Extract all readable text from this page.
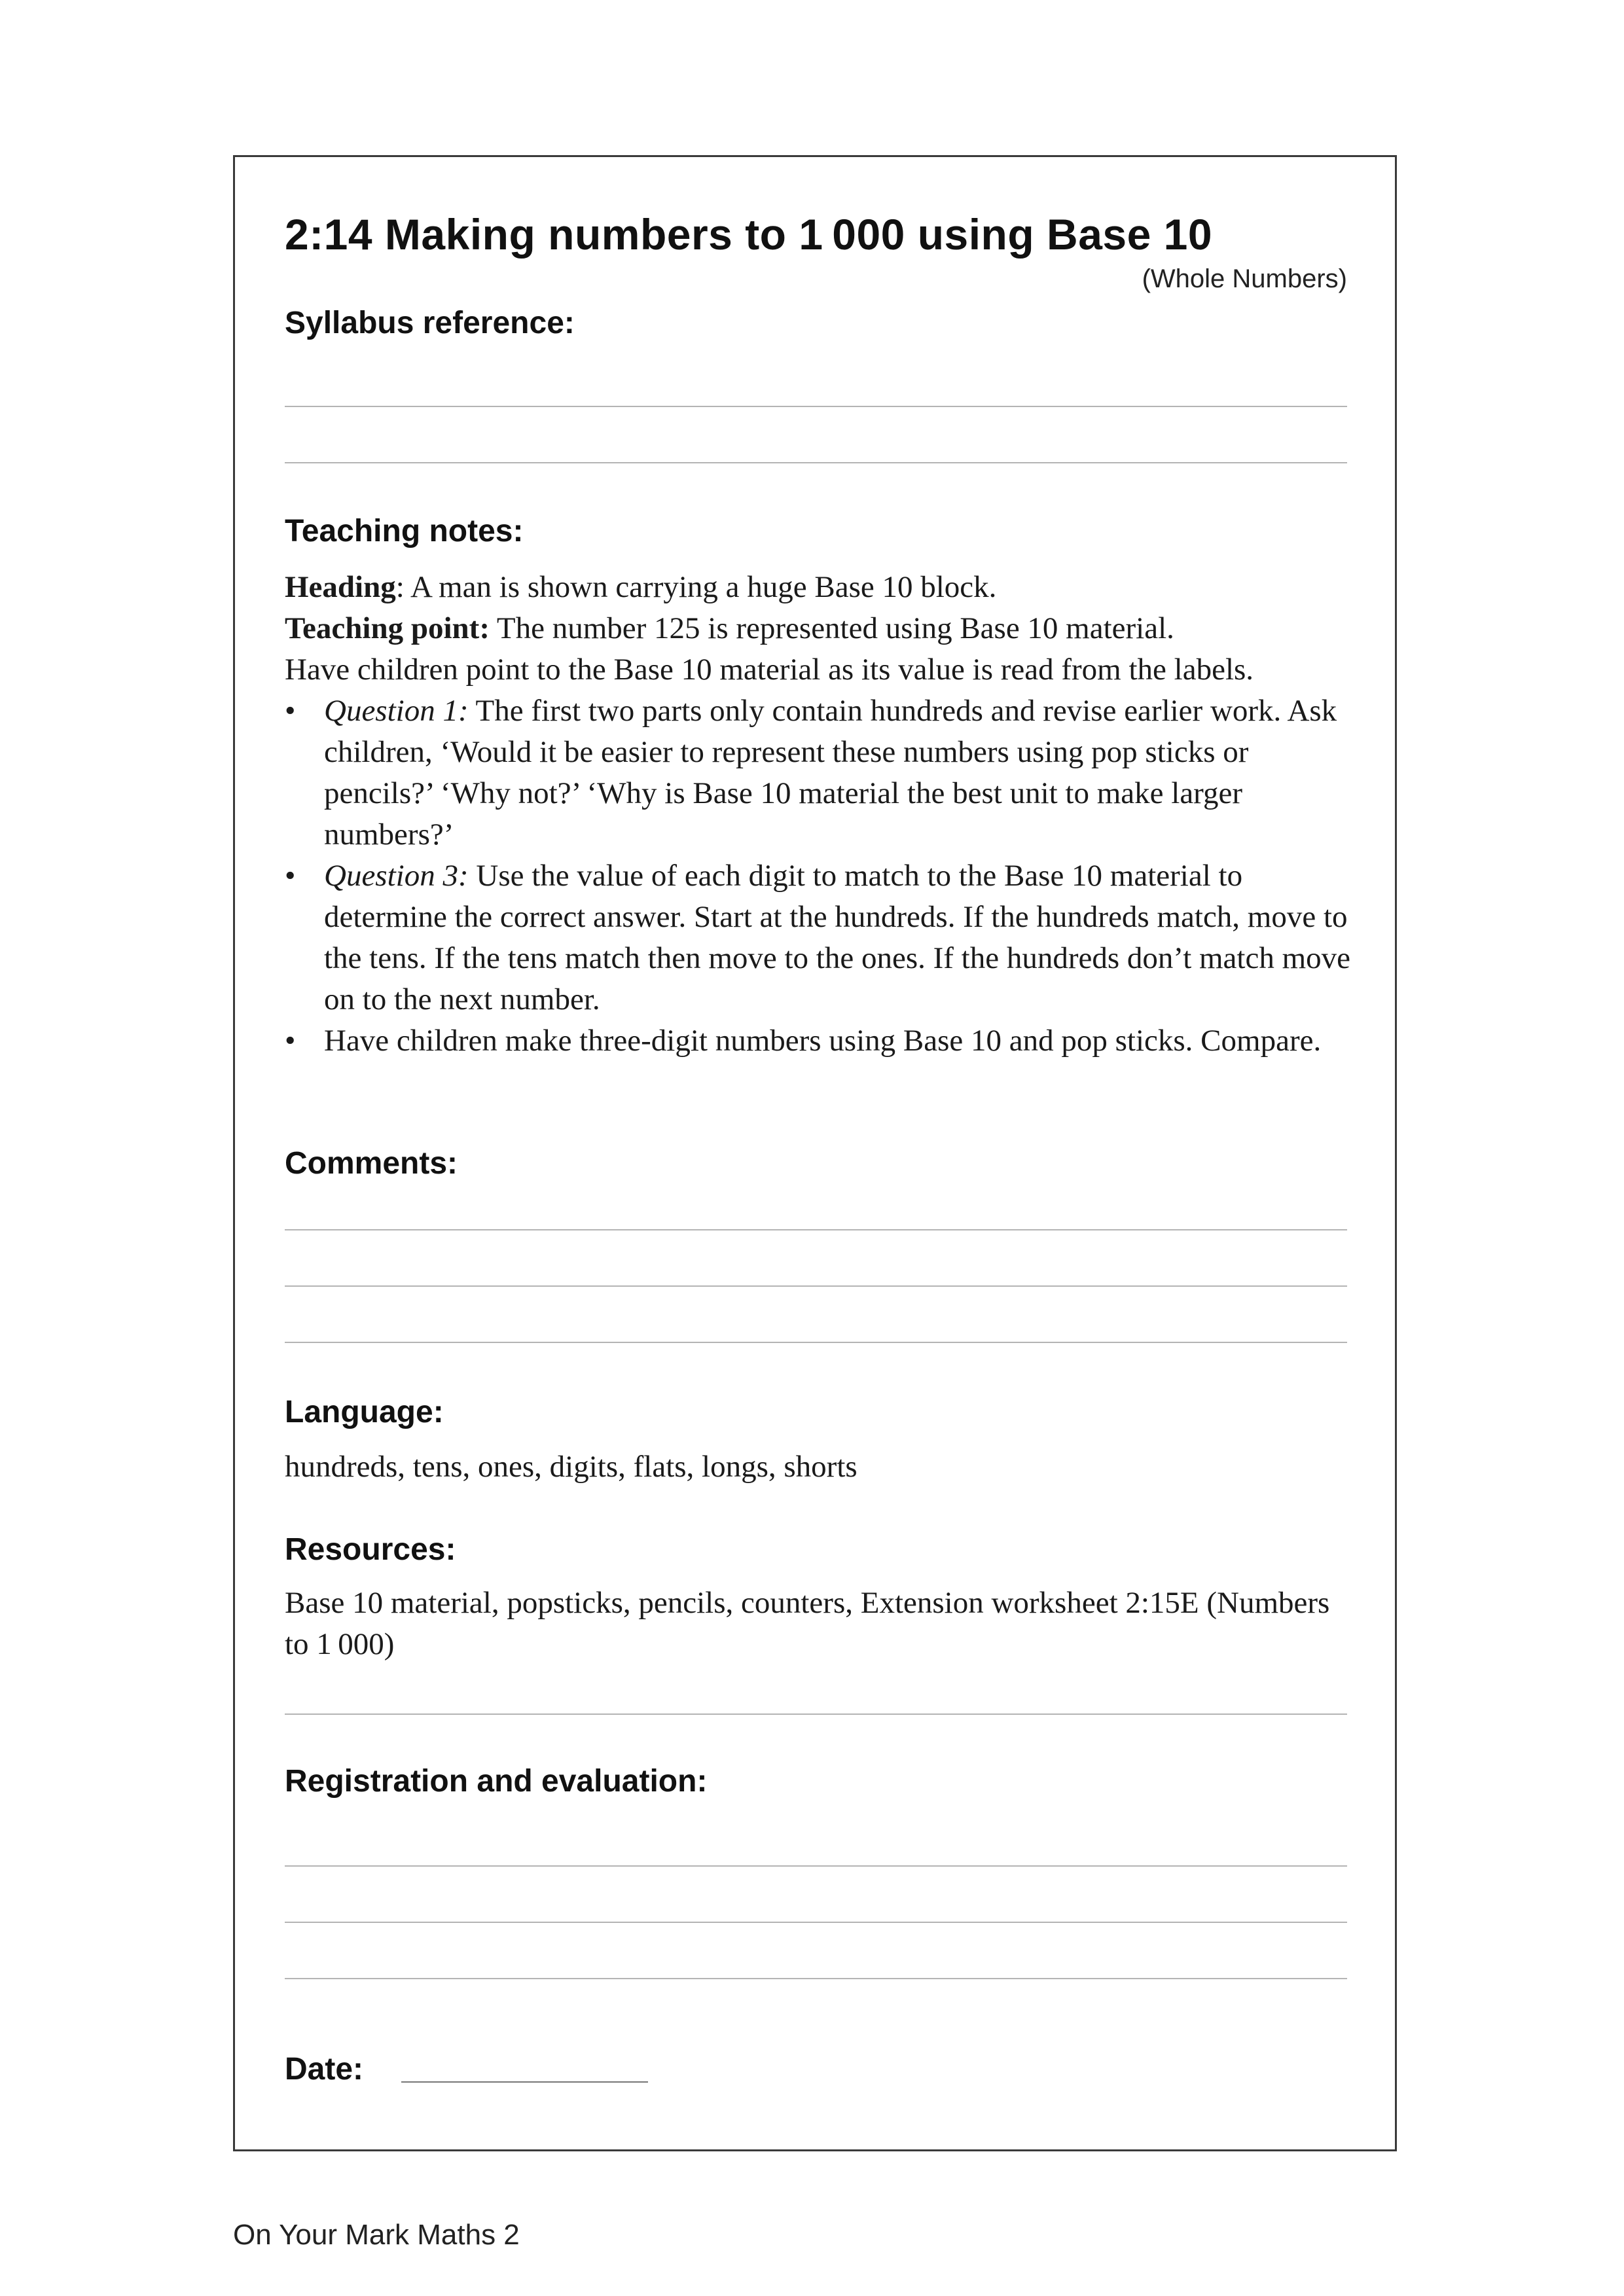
2:14 Making numbers to 1 000 using Base 10
(Whole Numbers)
Syllabus reference:
Teaching notes:

Heading: A man is shown carrying a huge Base 10 block.

Teaching point: The number 125 is represented using Base 10 material.

Have children point to the Base 10 material as its value is read from the labels.

• Question 1: The first two parts only contain hundreds and revise earlier work. Ask children, ‘Would it be easier to represent these numbers using pop sticks or pencils?’ ‘Why not?’ ‘Why is Base 10 material the best unit to make larger numbers?’
• Question 3: Use the value of each digit to match to the Base 10 material to determine the correct answer. Start at the hundreds. If the hundreds match, move to the tens. If the tens match then move to the ones. If the hundreds don’t match move on to the next number.
• Have children make three-digit numbers using Base 10 and pop sticks. Compare.
Comments:
Language:
hundreds, tens, ones, digits, flats, longs, shorts
Resources:
Base 10 material, popsticks, pencils, counters, Extension worksheet 2:15E (Numbers to 1 000)
Registration and evaluation:
Date:
On Your Mark Maths 2
